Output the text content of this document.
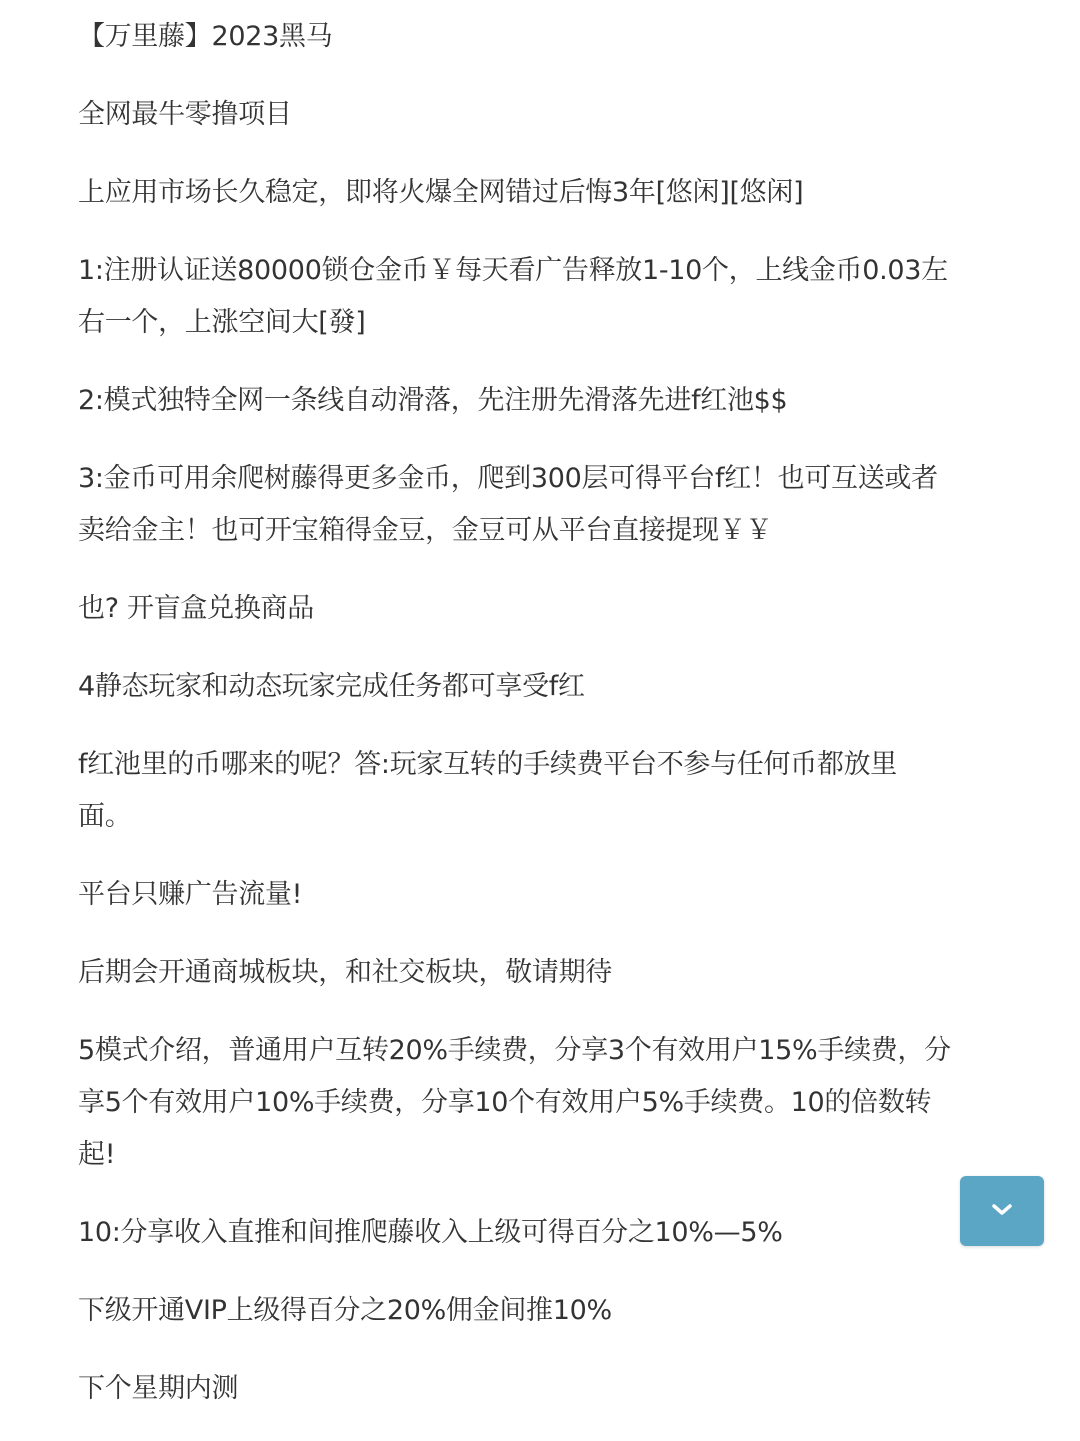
【万里藤】2023黑马

全网最牛零撸项目

上应用市场长久稳定，即将火爆全网错过后悔3年[悠闲][悠闲]

1:注册认证送80000锁仓金币￥每天看广告释放1-10个，上线金币0.03左
右一个，上涨空间大[發]

2:模式独特全网一条线自动滑落，先注册先滑落先进f红池$$

3:金币可用余爬树藤得更多金币，爬到300层可得平台f红！也可互送或者
卖给金主！也可开宝箱得金豆，金豆可从平台直接提现￥￥

也? 开盲盒兑换商品

4静态玩家和动态玩家完成任务都可享受f红

f红池里的币哪来的呢？答:玩家互转的手续费平台不参与任何币都放里
面。

平台只赚广告流量!

后期会开通商城板块，和社交板块，敬请期待

5模式介绍，普通用户互转20%手续费，分享3个有效用户15%手续费，分
享5个有效用户10%手续费，分享10个有效用户5%手续费。10的倍数转
起!

10:分享收入直推和间推爬藤收入上级可得百分之10%—5%

下级开通VIP上级得百分之20%佣金间推10%

下个星期内测
